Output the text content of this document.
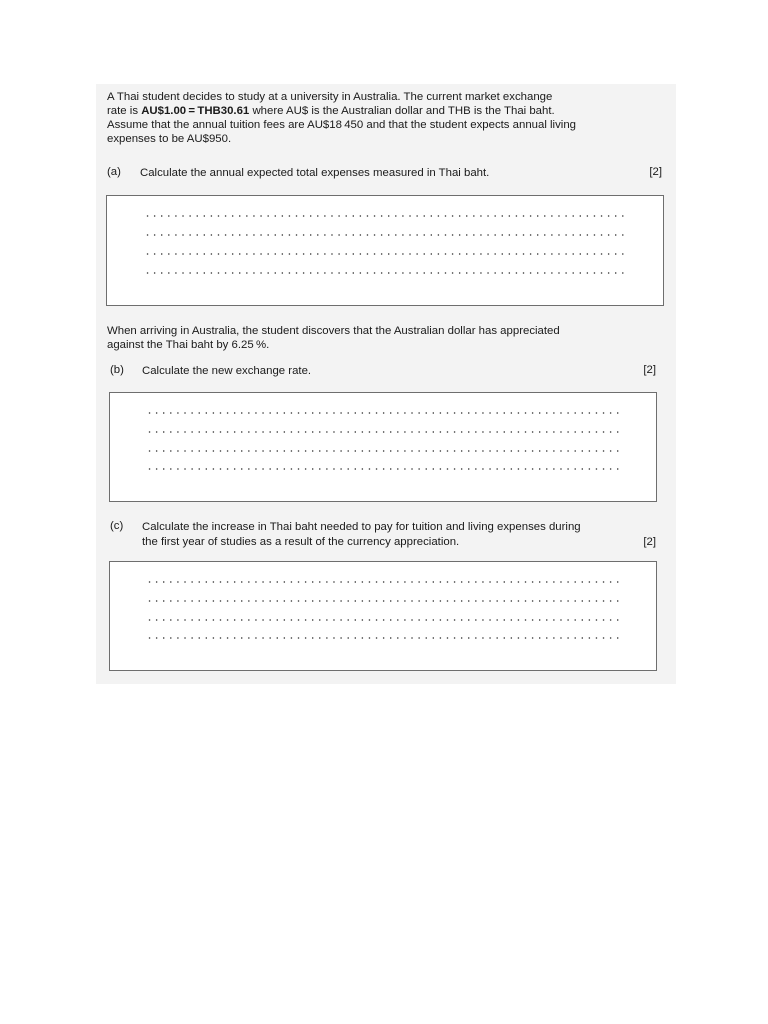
A Thai student decides to study at a university in Australia. The current market exchange

rate is AU$1.00 = THB30.61 where AU$ is the Australian dollar and THB is the Thai baht.

Assume that the annual tuition fees are AU$18 450 and that the student expects annual living

expenses to be AU$950.

(a) Calculate the annual expected total expenses measured in Thai baht.	[2]

When arriving in Australia, the student discovers that the Australian dollar has appreciated

against the Thai baht by 6.25 %.

(b) Calculate the new exchange rate.	[2]
(c) Calculate the increase in Thai baht needed to pay for tuition and living expenses during
the first year of studies as a result of the currency appreciation.	[2]
